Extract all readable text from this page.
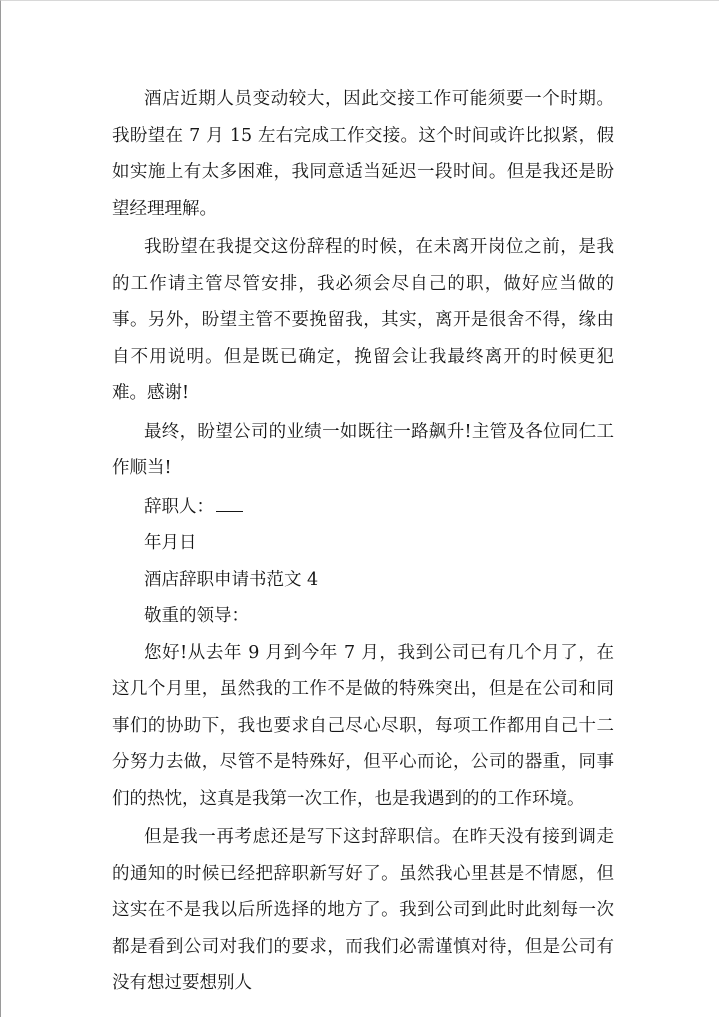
酒店近期人员变动较大，因此交接工作可能须要一个时期。我盼望在 7 月 15 左右完成工作交接。这个时间或许比拟紧，假如实施上有太多困难，我同意适当延迟一段时间。但是我还是盼望经理理解。

我盼望在我提交这份辞程的时候，在未离开岗位之前，是我的工作请主管尽管安排，我必须会尽自己的职，做好应当做的事。另外，盼望主管不要挽留我，其实，离开是很舍不得，缘由自不用说明。但是既已确定，挽留会让我最终离开的时候更犯难。感谢!

最终，盼望公司的业绩一如既往一路飙升!主管及各位同仁工作顺当!

辞职人：

年月日

酒店辞职申请书范文 4

敬重的领导：

您好!从去年 9 月到今年 7 月，我到公司已有几个月了，在这几个月里，虽然我的工作不是做的特殊突出，但是在公司和同事们的协助下，我也要求自己尽心尽职，每项工作都用自己十二分努力去做，尽管不是特殊好，但平心而论，公司的器重，同事们的热忱，这真是我第一次工作，也是我遇到的的工作环境。

但是我一再考虑还是写下这封辞职信。在昨天没有接到调走的通知的时候已经把辞职新写好了。虽然我心里甚是不情愿，但这实在不是我以后所选择的地方了。我到公司到此时此刻每一次都是看到公司对我们的要求，而我们必需谨慎对待，但是公司有没有想过要想别人
